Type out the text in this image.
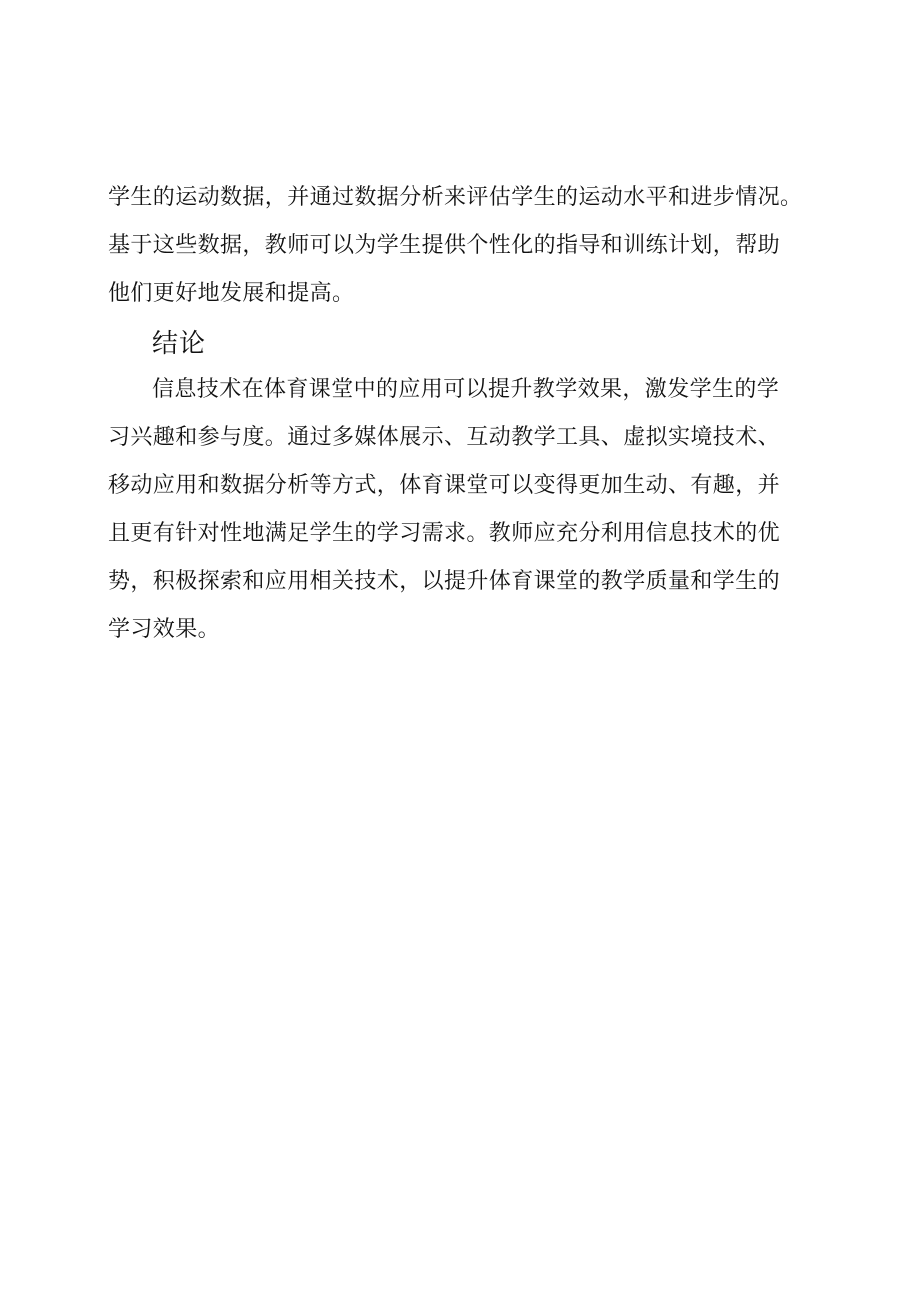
学生的运动数据，并通过数据分析来评估学生的运动水平和进步情况。
基于这些数据，教师可以为学生提供个性化的指导和训练计划，帮助
他们更好地发展和提高。

结论

信息技术在体育课堂中的应用可以提升教学效果，激发学生的学
习兴趣和参与度。通过多媒体展示、互动教学工具、虚拟实境技术、
移动应用和数据分析等方式，体育课堂可以变得更加生动、有趣，并
且更有针对性地满足学生的学习需求。教师应充分利用信息技术的优
势，积极探索和应用相关技术，以提升体育课堂的教学质量和学生的
学习效果。
